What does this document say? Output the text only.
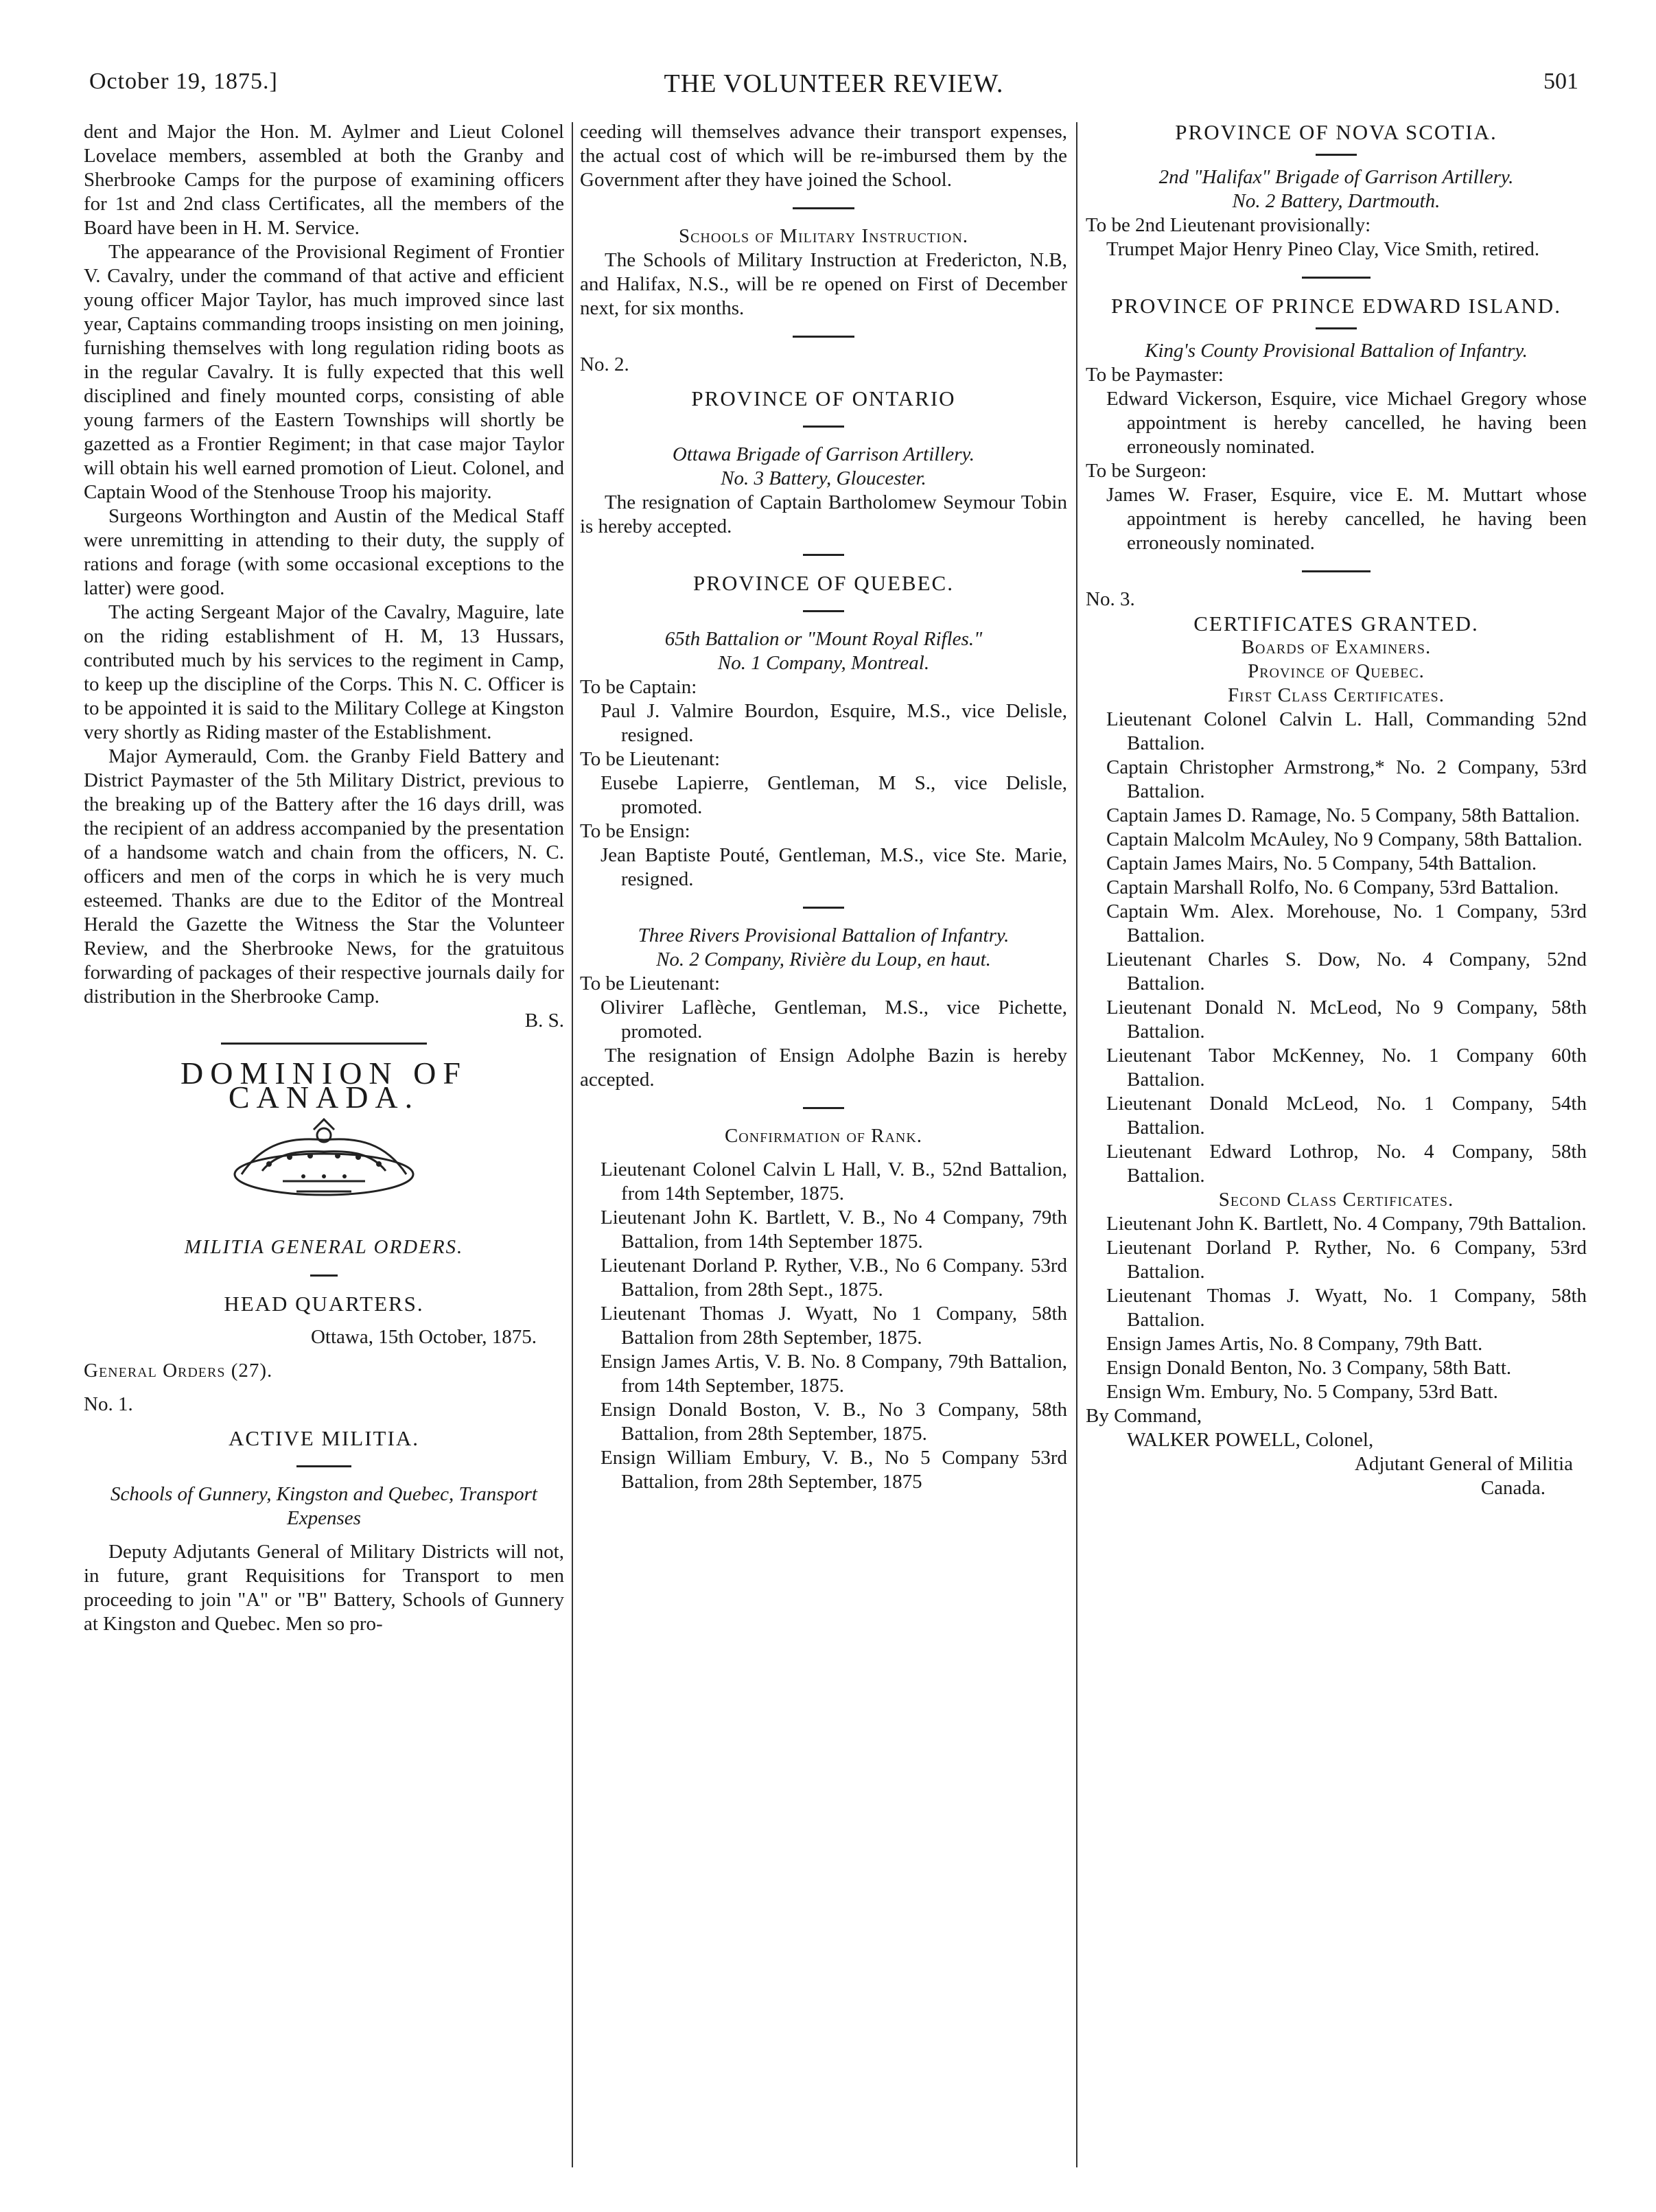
October 19, 1875.]	THE VOLUNTEER REVIEW.	501

dent and Major the Hon. M. Aylmer and Lieut Colonel Lovelace members, assembled at both the Granby and Sherbrooke Camps for the purpose of examining officers for 1st and 2nd class Certificates, all the members of the Board have been in H. M. Service.

The appearance of the Provisional Regiment of Frontier V. Cavalry, under the command of that active and efficient young officer Major Taylor, has much improved since last year, Captains commanding troops insisting on men joining, furnishing themselves with long regulation riding boots as in the regular Cavalry. It is fully expected that this well disciplined and finely mounted corps, consisting of able young farmers of the Eastern Townships will shortly be gazetted as a Frontier Regiment; in that case major Taylor will obtain his well earned promotion of Lieut. Colonel, and Captain Wood of the Stenhouse Troop his majority.

Surgeons Worthington and Austin of the Medical Staff were unremitting in attending to their duty, the supply of rations and forage (with some occasional exceptions to the latter) were good.

The acting Sergeant Major of the Cavalry, Maguire, late on the riding establishment of H. M, 13 Hussars, contributed much by his services to the regiment in Camp, to keep up the discipline of the Corps. This N. C. Officer is to be appointed it is said to the Military College at Kingston very shortly as Riding master of the Establishment.

Major Aymerauld, Com. the Granby Field Battery and District Paymaster of the 5th Military District, previous to the breaking up of the Battery after the 16 days drill, was the recipient of an address accompanied by the presentation of a handsome watch and chain from the officers, N. C. officers and men of the corps in which he is very much esteemed. Thanks are due to the Editor of the Montreal Herald the Gazette the Witness the Star the Volunteer Review, and the Sherbrooke News, for the gratuitous forwarding of packages of their respective journals daily for distribution in the Sherbrooke Camp.

B. S.

DOMINION OF CANADA.

MILITIA GENERAL ORDERS.

HEAD QUARTERS.

Ottawa, 15th October, 1875.

General Orders (27).

No. 1.

ACTIVE MILITIA.

Schools of Gunnery, Kingston and Quebec, Transport Expenses

Deputy Adjutants General of Military Districts will not, in future, grant Requisitions for Transport to men proceeding to join "A" or "B" Battery, Schools of Gunnery at Kingston and Quebec. Men so pro-

ceeding will themselves advance their transport expenses, the actual cost of which will be re-imbursed them by the Government after they have joined the School.

Schools of Military Instruction.

The Schools of Military Instruction at Fredericton, N.B, and Halifax, N.S., will be re opened on First of December next, for six months.

No. 2.

PROVINCE OF ONTARIO

Ottawa Brigade of Garrison Artillery.

No. 3 Battery, Gloucester.

The resignation of Captain Bartholomew Seymour Tobin is hereby accepted.

PROVINCE OF QUEBEC.

65th Battalion or "Mount Royal Rifles."

No. 1 Company, Montreal.

To be Captain:

Paul J. Valmire Bourdon, Esquire, M.S., vice Delisle, resigned.

To be Lieutenant:

Eusebe Lapierre, Gentleman, M S., vice Delisle, promoted.

To be Ensign:

Jean Baptiste Pouté, Gentleman, M.S., vice Ste. Marie, resigned.

Three Rivers Provisional Battalion of Infantry.

No. 2 Company, Rivière du Loup, en haut.

To be Lieutenant:

Olivirer Laflèche, Gentleman, M.S., vice Pichette, promoted.

The resignation of Ensign Adolphe Bazin is hereby accepted.

Confirmation of Rank.

Lieutenant Colonel Calvin L Hall, V. B., 52nd Battalion, from 14th September, 1875.

Lieutenant John K. Bartlett, V. B., No 4 Company, 79th Battalion, from 14th September 1875.

Lieutenant Dorland P. Ryther, V.B., No 6 Company. 53rd Battalion, from 28th Sept., 1875.

Lieutenant Thomas J. Wyatt, No 1 Company, 58th Battalion from 28th September, 1875.

Ensign James Artis, V. B. No. 8 Company, 79th Battalion, from 14th September, 1875.

Ensign Donald Boston, V. B., No 3 Company, 58th Battalion, from 28th September, 1875.

Ensign William Embury, V. B., No 5 Company 53rd Battalion, from 28th September, 1875

PROVINCE OF NOVA SCOTIA.

2nd "Halifax" Brigade of Garrison Artillery.

No. 2 Battery, Dartmouth.

To be 2nd Lieutenant provisionally:

Trumpet Major Henry Pineo Clay, Vice Smith, retired.

PROVINCE OF PRINCE EDWARD ISLAND.

King's County Provisional Battalion of Infantry.

To be Paymaster:

Edward Vickerson, Esquire, vice Michael Gregory whose appointment is hereby cancelled, he having been erroneously nominated.

To be Surgeon:

James W. Fraser, Esquire, vice E. M. Muttart whose appointment is hereby cancelled, he having been erroneously nominated.

No. 3.

CERTIFICATES GRANTED.

Boards of Examiners.

Province of Quebec.

First Class Certificates.

Lieutenant Colonel Calvin L. Hall, Commanding 52nd Battalion.

Captain Christopher Armstrong,* No. 2 Company, 53rd Battalion.

Captain James D. Ramage, No. 5 Company, 58th Battalion.

Captain Malcolm McAuley, No 9 Company, 58th Battalion.

Captain James Mairs, No. 5 Company, 54th Battalion.

Captain Marshall Rolfo, No. 6 Company, 53rd Battalion.

Captain Wm. Alex. Morehouse, No. 1 Company, 53rd Battalion.

Lieutenant Charles S. Dow, No. 4 Company, 52nd Battalion.

Lieutenant Donald N. McLeod, No 9 Company, 58th Battalion.

Lieutenant Tabor McKenney, No. 1 Company 60th Battalion.

Lieutenant Donald McLeod, No. 1 Company, 54th Battalion.

Lieutenant Edward Lothrop, No. 4 Company, 58th Battalion.

Second Class Certificates.

Lieutenant John K. Bartlett, No. 4 Company, 79th Battalion.

Lieutenant Dorland P. Ryther, No. 6 Company, 53rd Battalion.

Lieutenant Thomas J. Wyatt, No. 1 Company, 58th Battalion.

Ensign James Artis, No. 8 Company, 79th Batt.

Ensign Donald Benton, No. 3 Company, 58th Batt.

Ensign Wm. Embury, No. 5 Company, 53rd Batt.

By Command,

WALKER POWELL, Colonel,

Adjutant General of Militia

Canada.
